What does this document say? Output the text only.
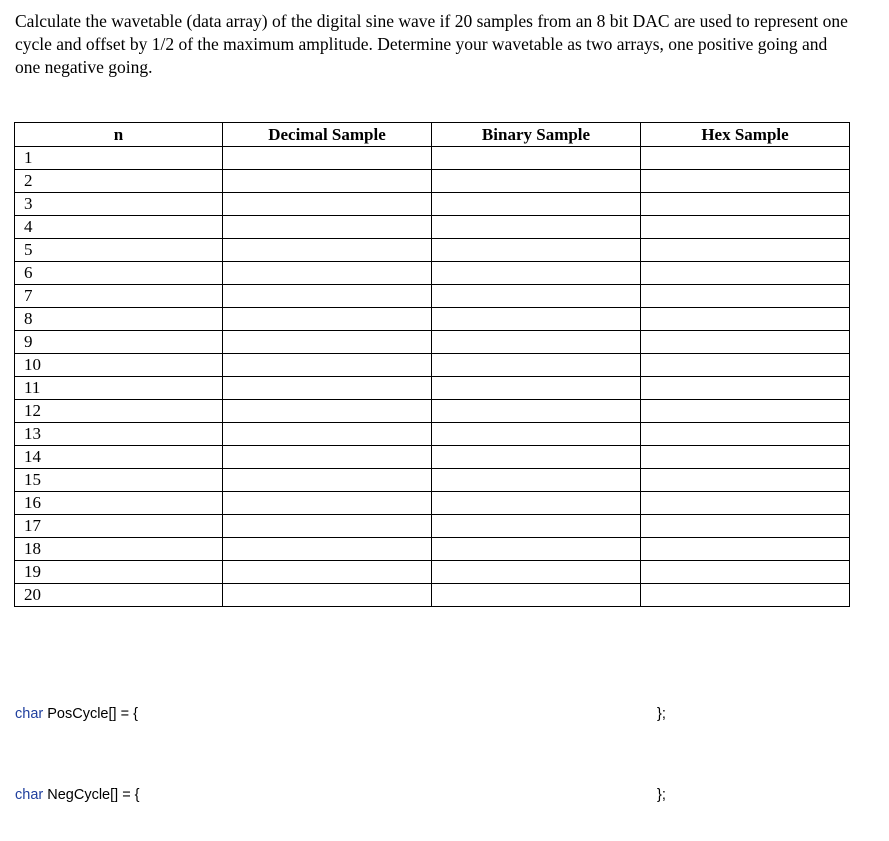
Calculate the wavetable (data array) of the digital sine wave if 20 samples from an 8 bit DAC are used to represent one cycle and offset by 1/2 of the maximum amplitude. Determine your wavetable as two arrays, one positive going and one negative going.
n	Decimal Sample	Binary Sample	Hex Sample
1			
2			
3			
4			
5			
6			
7			
8			
9			
10			
11			
12			
13			
14			
15			
16			
17			
18			
19			
20			
char PosCycle[] = {	};
char NegCycle[] = {	};
